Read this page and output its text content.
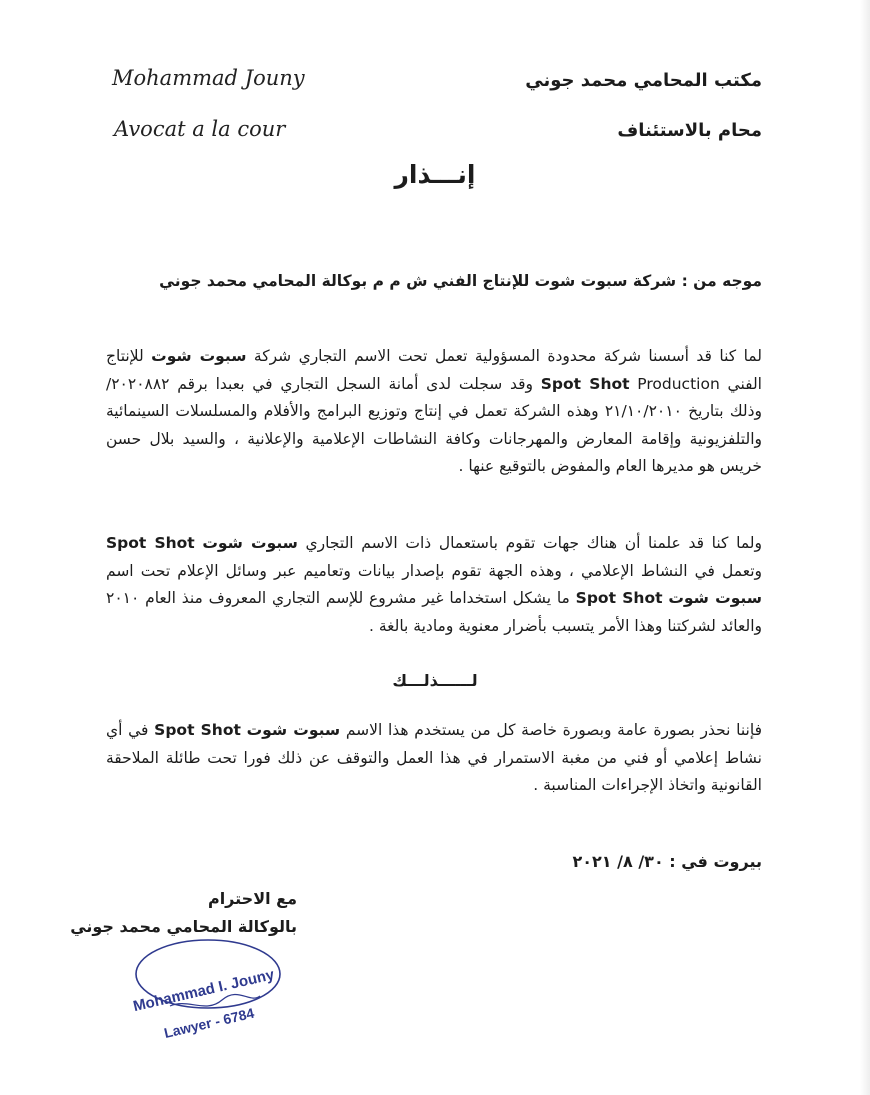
Mohammad Jouny
Avocat a la cour
مكتب المحامي محمد جوني
محام بالاستئناف
إنـــذار
موجه من : شركة سبوت شوت للإنتاج الفني ش م م بوكالة المحامي محمد جوني
لما كنا قد أسسنا شركة محدودة المسؤولية تعمل تحت الاسم التجاري شركة سبوت شوت للإنتاج الفني Spot Shot Production وقد سجلت لدى أمانة السجل التجاري في بعبدا برقم ٢٠٢٠٨٨٢/ وذلك بتاريخ ٢١/١٠/٢٠١٠ وهذه الشركة تعمل في إنتاج وتوزيع البرامج والأفلام والمسلسلات السينمائية والتلفزيونية وإقامة المعارض والمهرجانات وكافة النشاطات الإعلامية والإعلانية ، والسيد بلال حسن خريس هو مديرها العام والمفوض بالتوقيع عنها .
ولما كنا قد علمنا أن هناك جهات تقوم باستعمال ذات الاسم التجاري سبوت شوت Spot Shot وتعمل في النشاط الإعلامي ، وهذه الجهة تقوم بإصدار بيانات وتعاميم عبر وسائل الإعلام تحت اسم سبوت شوت Spot Shot ما يشكل استخداما غير مشروع للإسم التجاري المعروف منذ العام ٢٠١٠ والعائد لشركتنا وهذا الأمر يتسبب بأضرار معنوية ومادية بالغة .
لــــــذلـــك
فإننا نحذر بصورة عامة وبصورة خاصة كل من يستخدم هذا الاسم سبوت شوت Spot Shot في أي نشاط إعلامي أو فني من مغبة الاستمرار في هذا العمل والتوقف عن ذلك فورا تحت طائلة الملاحقة القانونية واتخاذ الإجراءات المناسبة .
بيروت في : ٣٠/ ٨/ ٢٠٢١
مع الاحترام
بالوكالة المحامي محمد جوني
Mohammad I. Jouny
Lawyer - 6784
